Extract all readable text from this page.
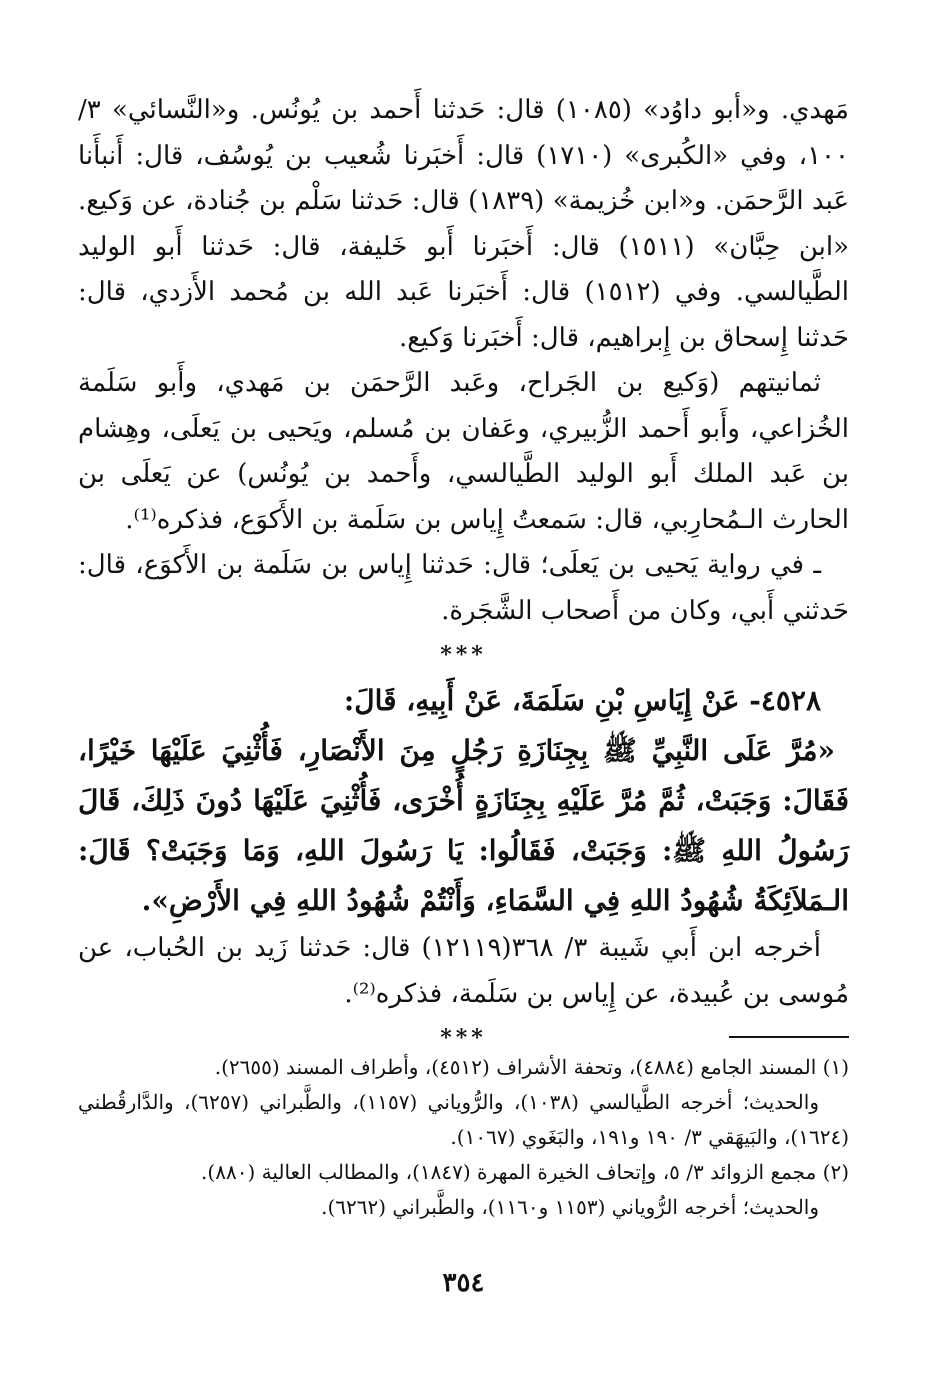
مَهدي. و«أبو داوُد» (١٠٨٥) قال: حَدثنا أَحمد بن يُونُس. و«النَّسائي» ٣/ ١٠٠، وفي «الكُبرى» (١٧١٠) قال: أَخبَرنا شُعيب بن يُوسُف، قال: أَنبأَنا عَبد الرَّحمَن. و«ابن خُزيمة» (١٨٣٩) قال: حَدثنا سَلْم بن جُنادة، عن وَكيع. «ابن حِبَّان» (١٥١١) قال: أَخبَرنا أَبو خَليفة، قال: حَدثنا أَبو الوليد الطَّيالسي. وفي (١٥١٢) قال: أَخبَرنا عَبد الله بن مُحمد الأَزدي، قال: حَدثنا إِسحاق بن إِبراهيم، قال: أَخبَرنا وَكيع.

ثمانيتهم (وَكيع بن الجَراح، وعَبد الرَّحمَن بن مَهدي، وأَبو سَلَمة الخُزاعي، وأَبو أَحمد الزُّبيري، وعَفان بن مُسلم، ويَحيى بن يَعلَى، وهِشام بن عَبد الملك أَبو الوليد الطَّيالسي، وأَحمد بن يُونُس) عن يَعلَى بن الحارث الـمُحارِبي، قال: سَمعتُ إِياس بن سَلَمة بن الأَكوَع، فذكره⁽¹⁾.

ـ في رواية يَحيى بن يَعلَى؛ قال: حَدثنا إِياس بن سَلَمة بن الأَكوَع، قال: حَدثني أَبي، وكان من أَصحاب الشَّجَرة.

***

٤٥٢٨- عَنْ إِيَاسِ بْنِ سَلَمَةَ، عَنْ أَبِيهِ، قَالَ:

«مُرَّ عَلَى النَّبِيِّ ﷺ بِجِنَازَةِ رَجُلٍ مِنَ الأَنْصَارِ، فَأُثْنِيَ عَلَيْهَا خَيْرًا، فَقَالَ: وَجَبَتْ، ثُمَّ مُرَّ عَلَيْهِ بِجِنَازَةٍ أُخْرَى، فَأُثْنِيَ عَلَيْهَا دُونَ ذَلِكَ، قَالَ رَسُولُ اللهِ ﷺ: وَجَبَتْ، فَقَالُوا: يَا رَسُولَ اللهِ، وَمَا وَجَبَتْ؟ قَالَ: الـمَلاَئِكَةُ شُهُودُ اللهِ فِي السَّمَاءِ، وَأَنْتُمْ شُهُودُ اللهِ فِي الأَرْضِ».

أخرجه ابن أَبي شَيبة ٣/ ٣٦٨(١٢١١٩) قال: حَدثنا زَيد بن الحُباب، عن مُوسى بن عُبيدة، عن إِياس بن سَلَمة، فذكره⁽²⁾.

***

(١) المسند الجامع (٤٨٨٤)، وتحفة الأشراف (٤٥١٢)، وأطراف المسند (٢٦٥٥).

والحديث؛ أخرجه الطَّيالسي (١٠٣٨)، والرُّوياني (١١٥٧)، والطَّبراني (٦٢٥٧)، والدَّارقُطني (١٦٢٤)، والبَيهَقي ٣/ ١٩٠ و١٩١، والبَغَوي (١٠٦٧).

(٢) مجمع الزوائد ٣/ ٥، وإتحاف الخيرة المهرة (١٨٤٧)، والمطالب العالية (٨٨٠).

والحديث؛ أخرجه الرُّوياني (١١٥٣ و١١٦٠)، والطَّبراني (٦٢٦٢).

٣٥٤
